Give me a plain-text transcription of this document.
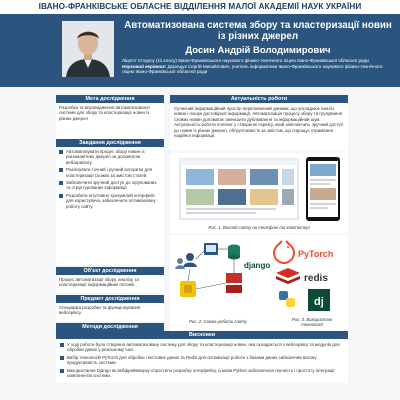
ІВАНО-ФРАНКІВСЬКЕ ОБЛАСНЕ ВІДДІЛЕННЯ МАЛОЇ АКАДЕМІЇ НАУК УКРАЇНИ
Автоматизована система збору та кластеризації новин із різних джерел
Досин Андрій Володимирович
Ліцеїст ІІІ курсу (11 класу) Івано-Франківського наукового фізико-технічного ліцею Івано-Франківської обласної ради
Науковий керівник: Дорощук Сергій Михайлович, учитель інформатики Івано-Франківського наукового фізико-технічного ліцею Івано-Франківської обласної ради
Мета дослідження
Розробка та впровадження автоматизованої системи для збору та кластеризації новин із різних джерел
Завдання дослідження
Автоматизувати процес збору новин із різноманітних джерел за допомогою вебскрапінгу.
Реалізувати точний і ручний алгоритм для кластеризації схожих за змістом статей.
Забезпечити зручний доступ до згрупованих та структурованих інформації.
Розробити інтуїтивно зрозумілий інтерфейс для користувача, забезпечити оптимізовану роботу сайту.
Об'єкт дослідження
Процес автоматизації збору, аналізу та кластеризації інформаційних потоків.
Предмет дослідження
Специфіка розробки та функціонування вебсервісу.
Методи дослідження
Актуальність роботи
Сучасний інформаційний простір переповнений даними, що ускладнює аналіз новин і пошук достовірної інформації. Автоматизація процесу збору та групування схожих новин допомагає зменшити дублювання та інформаційний шум. Актуальність роботи полягає у створенні сервісу, який забезпечить зручний доступ до новин із різних джерел, обґрунтовані їх за змістом, що спрощує отримання надійної інформації.
Рис. 1. Вигляд сайту на телефоні та комп'ютері
django
PyTorch
redis
dj
Рис. 2. Схема роботи сайту	Рис. 3. Використані технології
Висновки
У ході роботи було створено автоматизовану систему для збору та кластеризації новин, яка складається з вебсервісу та модулів для обробки даних у реальному часі.
Вибір технологій PyTorch для обробки текстових даних та Redis для оптимізації роботи з базами даних забезпечив високу продуктивність системи.
Використання Django як вебфреймворку спростило розробку інтерфейсу, а мова Python забезпечила гнучкість і простоту інтеграції компонентів системи.
